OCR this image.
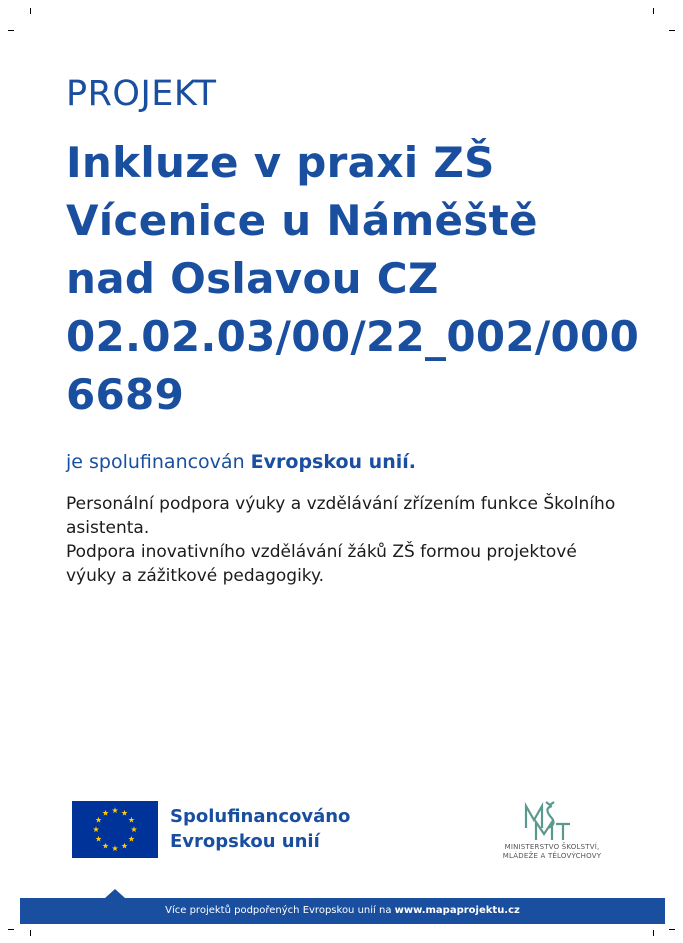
PROJEKT
Inkluze v praxi ZŠ
Vícenice u Náměště
nad Oslavou CZ
02.02.03/00/22_002/000
6689
je spolufinancován Evropskou unií.
Personální podpora výuky a vzdělávání zřízením funkce Školního
asistenta.
Podpora inovativního vzdělávání žáků ZŠ formou projektové
výuky a zážitkové pedagogiky.
Spolufinancováno
Evropskou unií	MINISTERSTVO ŠKOLSTVÍ,
MLÁDEŽE A TĚLOVÝCHOVY
Více projektů podpořených Evropskou unií na www.mapaprojektu.cz
